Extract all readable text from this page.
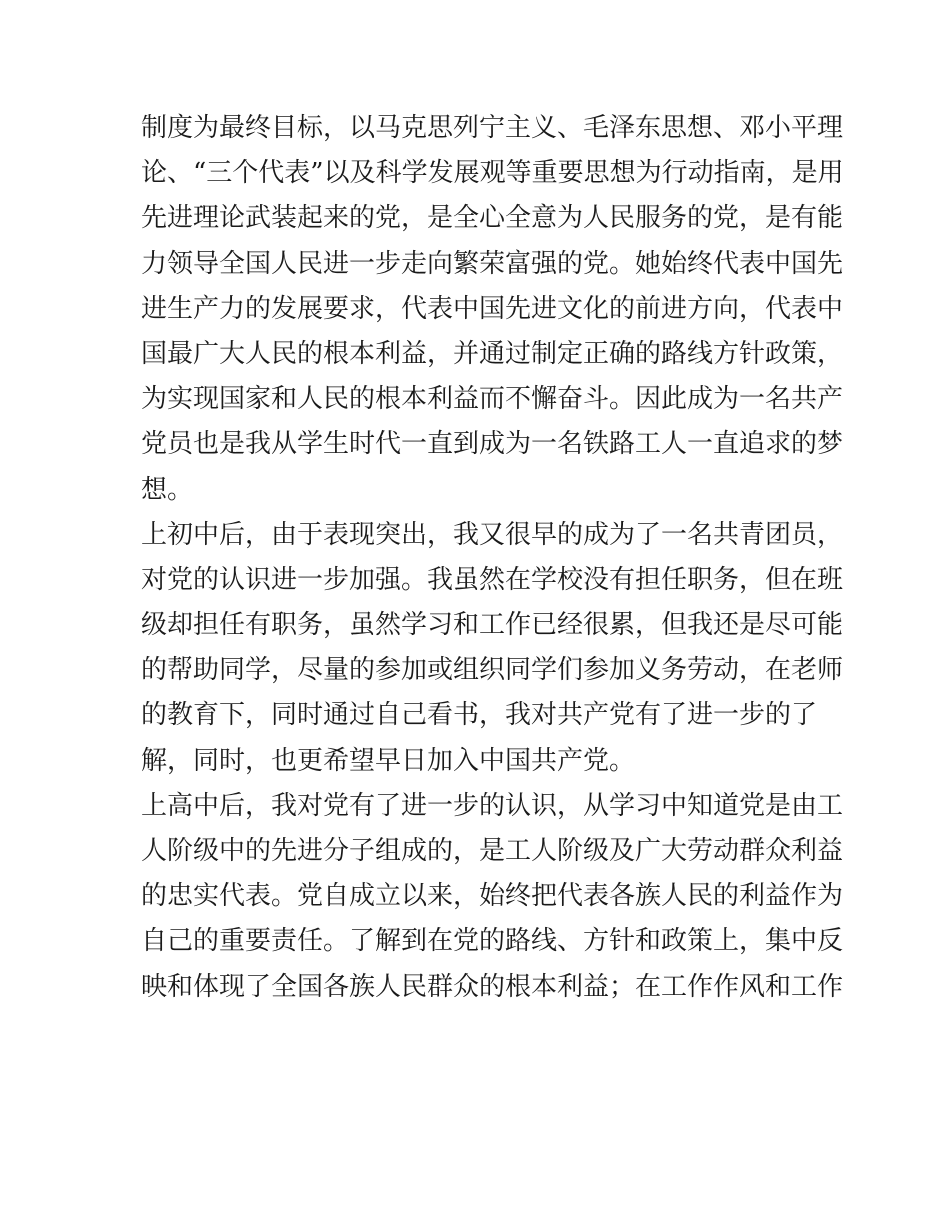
制度为最终目标，以马克思列宁主义、毛泽东思想、邓小平理
论、“三个代表”以及科学发展观等重要思想为行动指南，是用
先进理论武装起来的党，是全心全意为人民服务的党，是有能
力领导全国人民进一步走向繁荣富强的党。她始终代表中国先
进生产力的发展要求，代表中国先进文化的前进方向，代表中
国最广大人民的根本利益，并通过制定正确的路线方针政策，
为实现国家和人民的根本利益而不懈奋斗。因此成为一名共产
党员也是我从学生时代一直到成为一名铁路工人一直追求的梦
想。
上初中后，由于表现突出，我又很早的成为了一名共青团员，
对党的认识进一步加强。我虽然在学校没有担任职务，但在班
级却担任有职务，虽然学习和工作已经很累，但我还是尽可能
的帮助同学，尽量的参加或组织同学们参加义务劳动，在老师
的教育下，同时通过自己看书，我对共产党有了进一步的了
解，同时，也更希望早日加入中国共产党。
上高中后，我对党有了进一步的认识，从学习中知道党是由工
人阶级中的先进分子组成的，是工人阶级及广大劳动群众利益
的忠实代表。党自成立以来，始终把代表各族人民的利益作为
自己的重要责任。了解到在党的路线、方针和政策上，集中反
映和体现了全国各族人民群众的根本利益；在工作作风和工作
